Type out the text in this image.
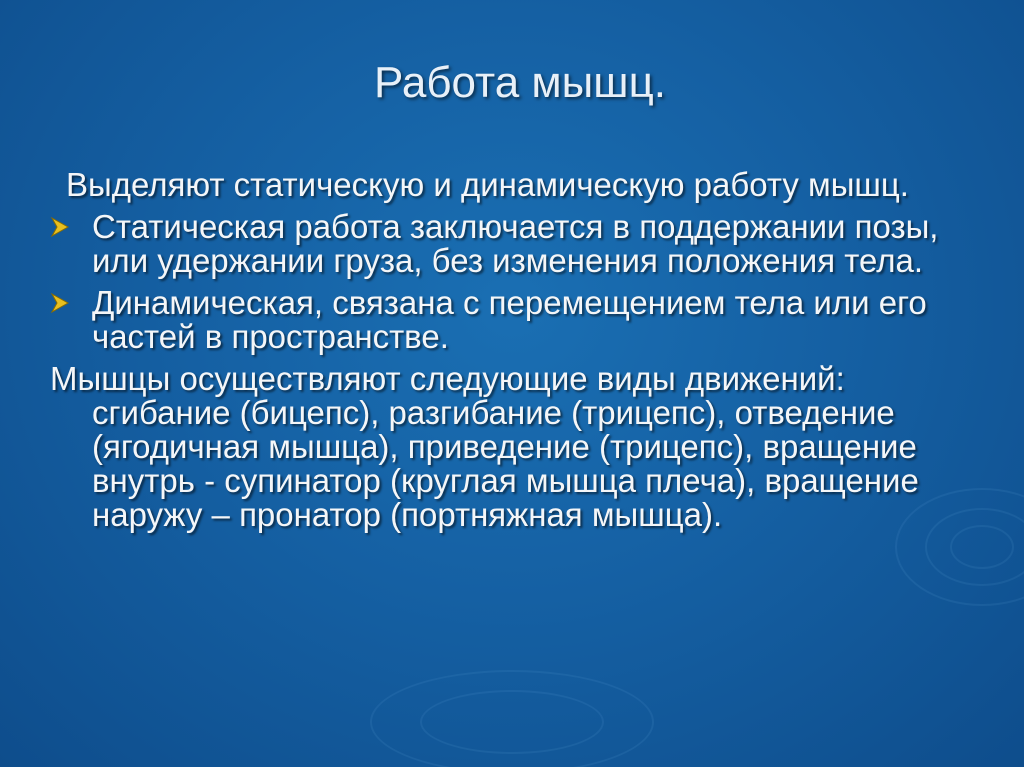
Работа мышц.

Выделяют статическую и динамическую работу мышц.

Статическая работа заключается в поддержании позы, или удержании груза, без изменения положения тела.
Динамическая, связана с перемещением тела или его частей в пространстве.

Мышцы осуществляют следующие виды движений: сгибание (бицепс), разгибание (трицепс), отведение (ягодичная мышца), приведение (трицепс), вращение внутрь - супинатор (круглая мышца плеча), вращение наружу – пронатор (портняжная мышца).
